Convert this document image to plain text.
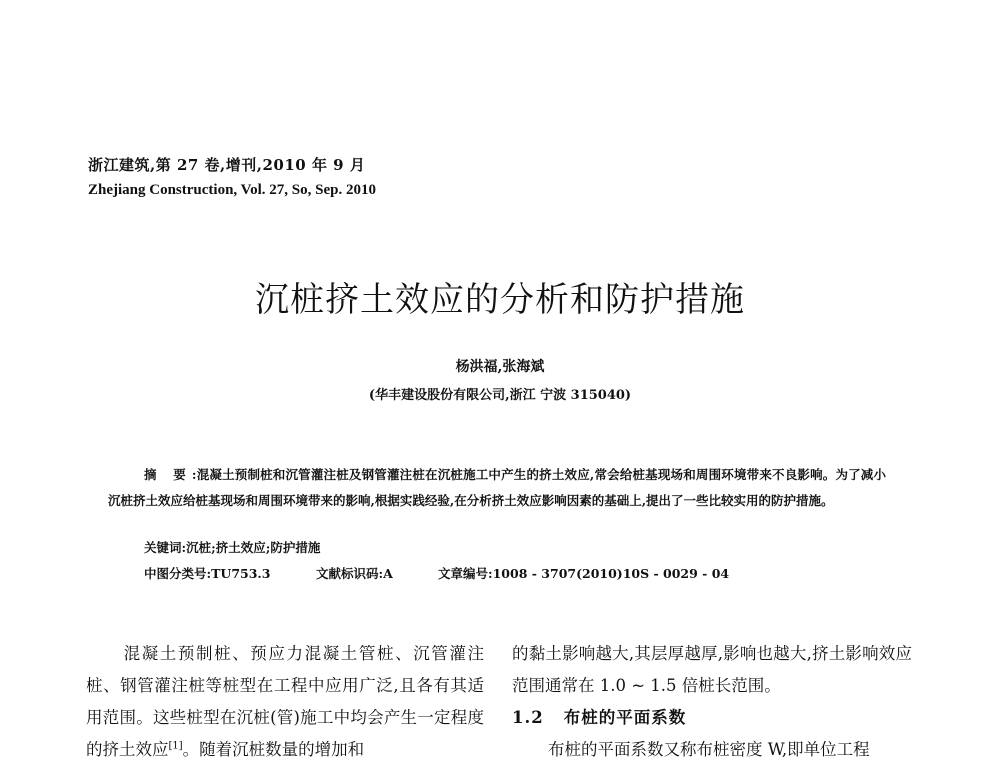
浙江建筑,第 27 卷,增刊,2010 年 9 月
Zhejiang Construction, Vol. 27, So, Sep. 2010
沉桩挤土效应的分析和防护措施
杨洪福,张海斌
(华丰建设股份有限公司,浙江 宁波 315040)
摘 要:混凝土预制桩和沉管灌注桩及钢管灌注桩在沉桩施工中产生的挤土效应,常会给桩基现场和周围环境带来不良影响。为了减小沉桩挤土效应给桩基现场和周围环境带来的影响,根据实践经验,在分析挤土效应影响因素的基础上,提出了一些比较实用的防护措施。
关键词:沉桩;挤土效应;防护措施
中图分类号:TU753.3	文献标识码:A	文章编号:1008 - 3707(2010)10S - 0029 - 04
混凝土预制桩、预应力混凝土管桩、沉管灌注桩、钢管灌注桩等桩型在工程中应用广泛,且各有其适用范围。这些桩型在沉桩(管)施工中均会产生一定程度的挤土效应[1]。随着沉桩数量的增加和
的黏土影响越大,其层厚越厚,影响也越大,挤土影响效应范围通常在 1.0 ~ 1.5 倍桩长范围。
1.2 布桩的平面系数
布桩的平面系数又称布桩密度 W,即单位工程
